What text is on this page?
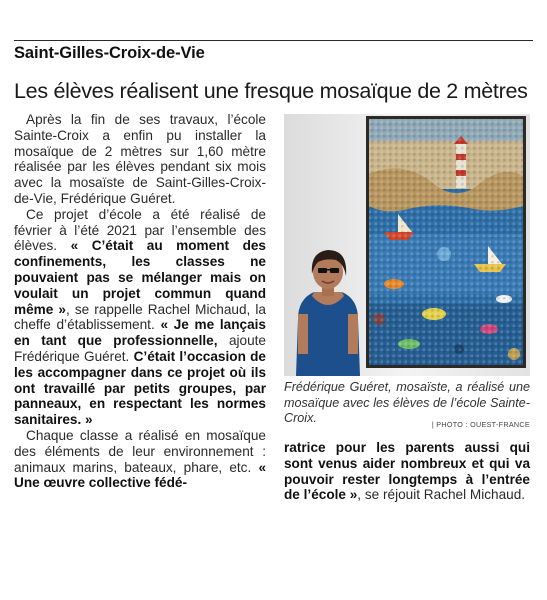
Saint-Gilles-Croix-de-Vie
Les élèves réalisent une fresque mosaïque de 2 mètres

Après la fin de ses travaux, l’école Sainte-Croix a enfin pu installer la mosaïque de 2 mètres sur 1,60 mètre réalisée par les élèves pendant six mois avec la mosaïste de Saint-Gilles-Croix-de-Vie, Frédérique Guéret.

Ce projet d’école a été réalisé de février à l’été 2021 par l’ensemble des élèves. « C’était au moment des confinements, les classes ne pouvaient pas se mélanger mais on voulait un projet commun quand même », se rappelle Rachel Michaud, la cheffe d’établissement. « Je me lançais en tant que professionnelle, ajoute Frédérique Guéret. C’était l’occasion de les accompagner dans ce projet où ils ont travaillé par petits groupes, par panneaux, en respectant les normes sanitaires. »

Chaque classe a réalisé en mosaïque des éléments de leur environnement : animaux marins, bateaux, phare, etc. « Une œuvre collective fédé-

Frédérique Guéret, mosaïste, a réalisé une mosaïque avec les élèves de l’école Sainte-Croix.	| PHOTO : OUEST-FRANCE

ratrice pour les parents aussi qui sont venus aider nombreux et qui va pouvoir rester longtemps à l’entrée de l’école », se réjouit Rachel Michaud.
